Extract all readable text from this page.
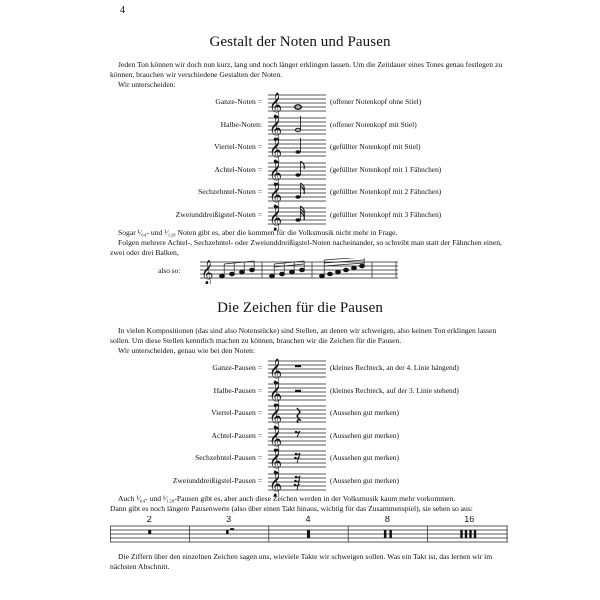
4
Gestalt der Noten und Pausen
Jeden Ton können wir doch nun kurz, lang und noch länger erklingen lassen. Um die Zeitdauer eines Tones genau festlegen zu können, brauchen wir verschiedene Gestalten der Noten.
Wir unterscheiden:
Ganze-Noten = 𝄞	(offener Notenkopf ohne Stiel)
Halbe-Noten: 𝄞	(offener Notenkopf mit Stiel)
Viertel-Noten = 𝄞	(gefüllter Notenkopf mit Stiel)
Achtel-Noten = 𝄞	(gefüllter Notenkopf mit 1 Fähnchen)
Sechzehntel-Noten = 𝄞	(gefüllter Notenkopf mit 2 Fähnchen)
Zweiunddreißigstel-Noten = 𝄞	(gefüllter Notenkopf mit 3 Fähnchen)
Sogar ¹⁄₆₄- und ¹⁄₁₂₈ Noten gibt es, aber die kommen für die Volksmusik nicht mehr in Frage.
Folgen mehrere Achtel-, Sechzehntel- oder Zweiunddreißigstel-Noten nacheinander, so schreibt man statt der Fähnchen einen, zwei oder drei Balken,
also so: 𝄞
Die Zeichen für die Pausen
In vielen Kompositionen (das sind also Notenstücke) sind Stellen, an denen wir schweigen, also keinen Ton erklingen lassen sollen. Um diese Stellen kenntlich machen zu können, brauchen wir die Zeichen für die Pausen.
Wir unterscheiden, genau wie bei den Noten:
Ganze-Pausen = 𝄞	(kleines Rechteck, an der 4. Linie hängend)
Halbe-Pausen = 𝄞	(kleines Rechteck, auf der 3. Linie stehend)
Viertel-Pausen = 𝄞	(Aussehen gut merken)
Achtel-Pausen = 𝄞	(Aussehen gut merken)
Sechzehntel-Pausen = 𝄞	(Aussehen gut merken)
Zweiunddreißigstel-Pausen = 𝄞	(Aussehen gut merken)
Auch ¹⁄₆₄- und ¹⁄₁₂₈-Pausen gibt es, aber auch diese Zeichen werden in der Volksmusik kaum mehr vorkommen.
Dann gibt es noch längere Pausenwerte (also über einen Takt hinaus, wichtig für das Zusammenspiel), sie sehen so aus:
2	3	4	8	16
Die Ziffern über den einzelnen Zeichen sagen uns, wieviele Takte wir schweigen sollen. Was ein Takt ist, das lernen wir im nächsten Abschnitt.
